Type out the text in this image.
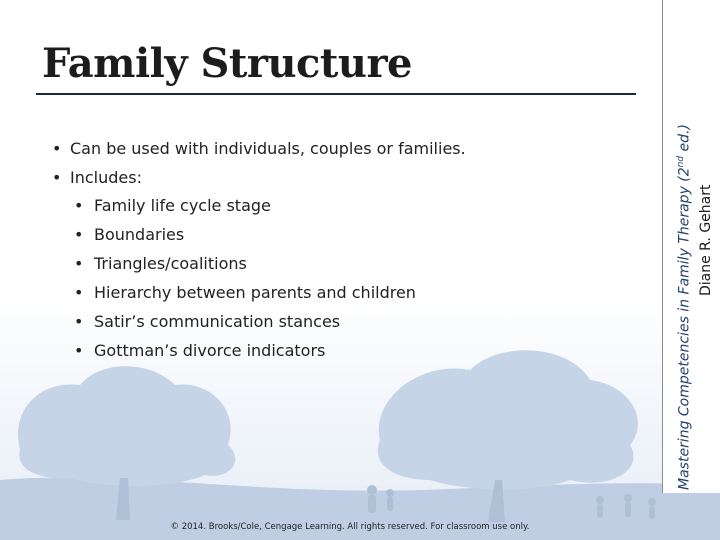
Family Structure
• Can be used with individuals, couples or families.
• Includes:
• Family life cycle stage
• Boundaries
• Triangles/coalitions
• Hierarchy between parents and children
• Satir’s communication stances
• Gottman’s divorce indicators	Mastering Competencies in Family Therapy (2nd ed.)
Diane R. Gehart
© 2014. Brooks/Cole, Cengage Learning. All rights reserved. For classroom use only.
